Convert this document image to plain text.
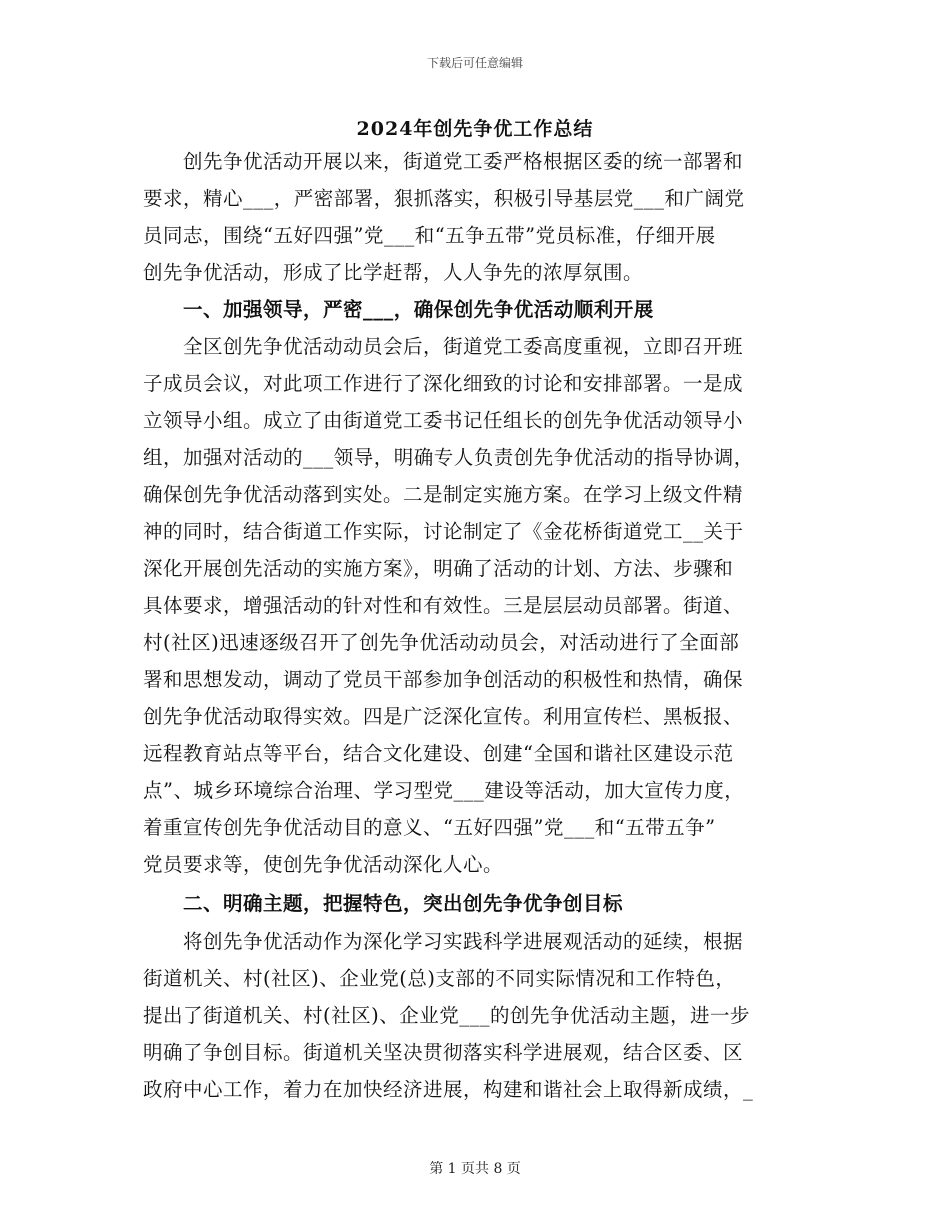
下载后可任意编辑
2024年创先争优工作总结
　　创先争优活动开展以来，街道党工委严格根据区委的统一部署和
要求，精心___，严密部署，狠抓落实，积极引导基层党___和广阔党
员同志，围绕“五好四强”党___和“五争五带”党员标准，仔细开展
创先争优活动，形成了比学赶帮，人人争先的浓厚氛围。
　　一、加强领导，严密___，确保创先争优活动顺利开展
　　全区创先争优活动动员会后，街道党工委高度重视，立即召开班
子成员会议，对此项工作进行了深化细致的讨论和安排部署。一是成
立领导小组。成立了由街道党工委书记任组长的创先争优活动领导小
组，加强对活动的___领导，明确专人负责创先争优活动的指导协调，
确保创先争优活动落到实处。二是制定实施方案。在学习上级文件精
神的同时，结合街道工作实际，讨论制定了《金花桥街道党工__关于
深化开展创先活动的实施方案》，明确了活动的计划、方法、步骤和
具体要求，增强活动的针对性和有效性。三是层层动员部署。街道、
村(社区)迅速逐级召开了创先争优活动动员会，对活动进行了全面部
署和思想发动，调动了党员干部参加争创活动的积极性和热情，确保
创先争优活动取得实效。四是广泛深化宣传。利用宣传栏、黑板报、
远程教育站点等平台，结合文化建设、创建“全国和谐社区建设示范
点”、城乡环境综合治理、学习型党___建设等活动，加大宣传力度，
着重宣传创先争优活动目的意义、“五好四强”党___和“五带五争”
党员要求等，使创先争优活动深化人心。
　　二、明确主题，把握特色，突出创先争优争创目标
　　将创先争优活动作为深化学习实践科学进展观活动的延续，根据
街道机关、村(社区)、企业党(总)支部的不同实际情况和工作特色，
提出了街道机关、村(社区)、企业党___的创先争优活动主题，进一步
明确了争创目标。街道机关坚决贯彻落实科学进展观，结合区委、区
政府中心工作，着力在加快经济进展，构建和谐社会上取得新成绩，_
第 1 页共 8 页
